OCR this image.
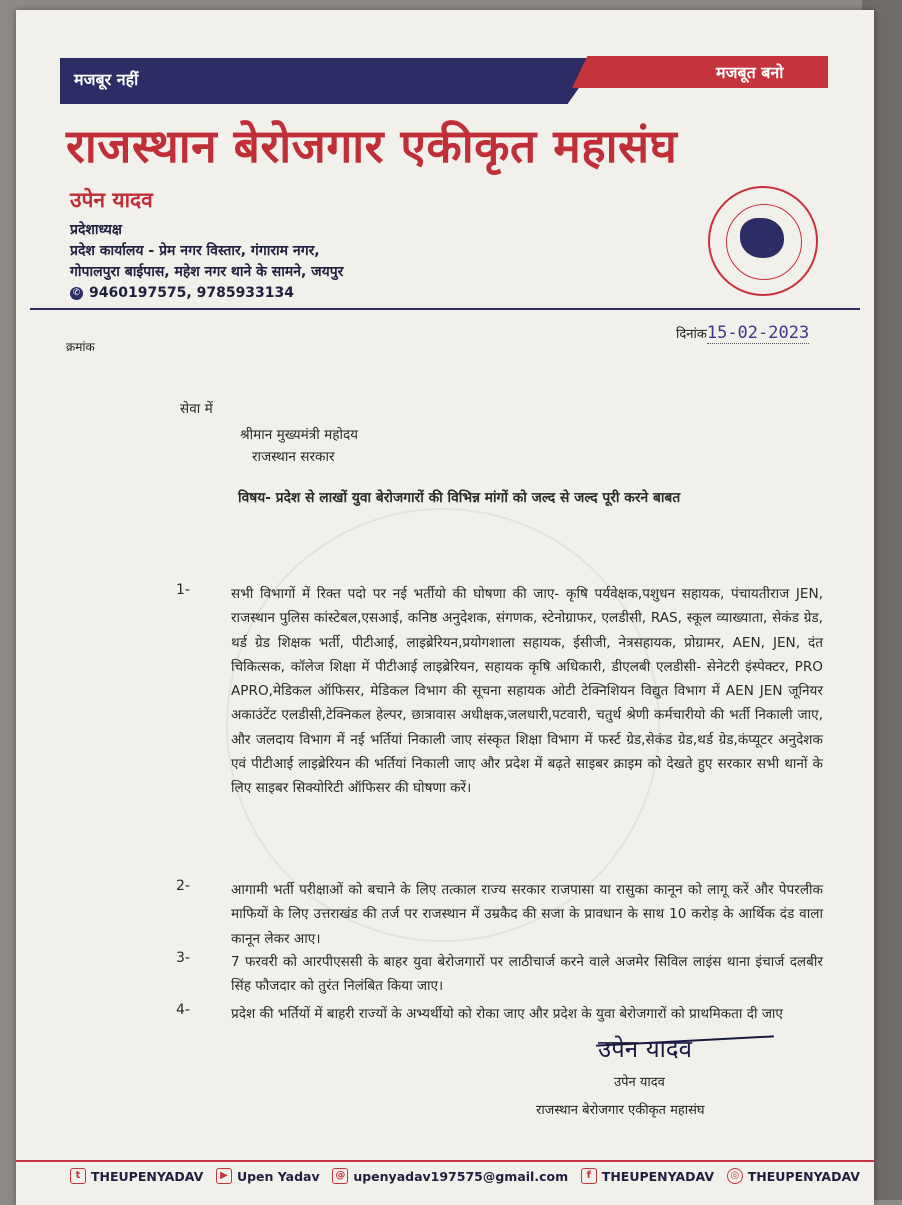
मजबूर नहीं	मजबूत बनो
राजस्थान बेरोजगार एकीकृत महासंघ
उपेन यादव
प्रदेशाध्यक्ष
प्रदेश कार्यालय - प्रेम नगर विस्तार, गंगाराम नगर,
गोपालपुरा बाईपास, महेश नगर थाने के सामने, जयपुर
✆ 9460197575, 9785933134
क्रमांक
दिनांक15-02-2023
सेवा में
श्रीमान मुख्यमंत्री महोदय
राजस्थान सरकार
विषय- प्रदेश से लाखों युवा बेरोजगारों की विभिन्न मांगों को जल्द से जल्द पूरी करने बाबत
1-	सभी विभागों में रिक्त पदो पर नई भर्तीयो की घोषणा की जाए- कृषि पर्यवेक्षक,पशुधन सहायक, पंचायतीराज JEN, राजस्थान पुलिस कांस्टेबल,एसआई, कनिष्ठ अनुदेशक, संगणक, स्टेनोग्राफर, एलडीसी, RAS, स्कूल व्याख्याता, सेकंड ग्रेड, थर्ड ग्रेड शिक्षक भर्ती, पीटीआई, लाइब्रेरियन,प्रयोगशाला सहायक, ईसीजी, नेत्रसहायक, प्रोग्रामर, AEN, JEN, दंत चिकित्सक, कॉलेज शिक्षा में पीटीआई लाइब्रेरियन, सहायक कृषि अधिकारी, डीएलबी एलडीसी- सेनेटरी इंस्पेक्टर, PRO APRO,मेडिकल ऑफिसर, मेडिकल विभाग की सूचना सहायक ओटी टेक्निशियन विद्युत विभाग में AEN JEN जूनियर अकाउंटेंट एलडीसी,टेक्निकल हेल्पर, छात्रावास अधीक्षक,जलधारी,पटवारी, चतुर्थ श्रेणी कर्मचारीयो की भर्ती निकाली जाए, और जलदाय विभाग में नई भर्तियां निकाली जाए संस्कृत शिक्षा विभाग में फर्स्ट ग्रेड,सेकंड ग्रेड,थर्ड ग्रेड,कंप्यूटर अनुदेशक एवं पीटीआई लाइब्रेरियन की भर्तियां निकाली जाए और प्रदेश में बढ़ते साइबर क्राइम को देखते हुए सरकार सभी थानों के लिए साइबर सिक्योरिटी ऑफिसर की घोषणा करें।
2-	आगामी भर्ती परीक्षाओं को बचाने के लिए तत्काल राज्य सरकार राजपासा या रासुका कानून को लागू करें और पेपरलीक माफियों के लिए उत्तराखंड की तर्ज पर राजस्थान में उम्रकैद की सजा के प्रावधान के साथ 10 करोड़ के आर्थिक दंड वाला कानून लेकर आए।
3-	7 फरवरी को आरपीएससी के बाहर युवा बेरोजगारों पर लाठीचार्ज करने वाले अजमेर सिविल लाइंस थाना इंचार्ज दलबीर सिंह फौजदार को तुरंत निलंबित किया जाए।
4-	प्रदेश की भर्तियों में बाहरी राज्यों के अभ्यर्थीयो को रोका जाए और प्रदेश के युवा बेरोजगारों को प्राथमिकता दी जाए
उपेन यादव
उपेन यादव
राजस्थान बेरोजगार एकीकृत महासंघ
t THEUPENYADAV	▶ Upen Yadav @ upenyadav197575@gmail.com	f THEUPENYADAV ◎ THEUPENYADAV
